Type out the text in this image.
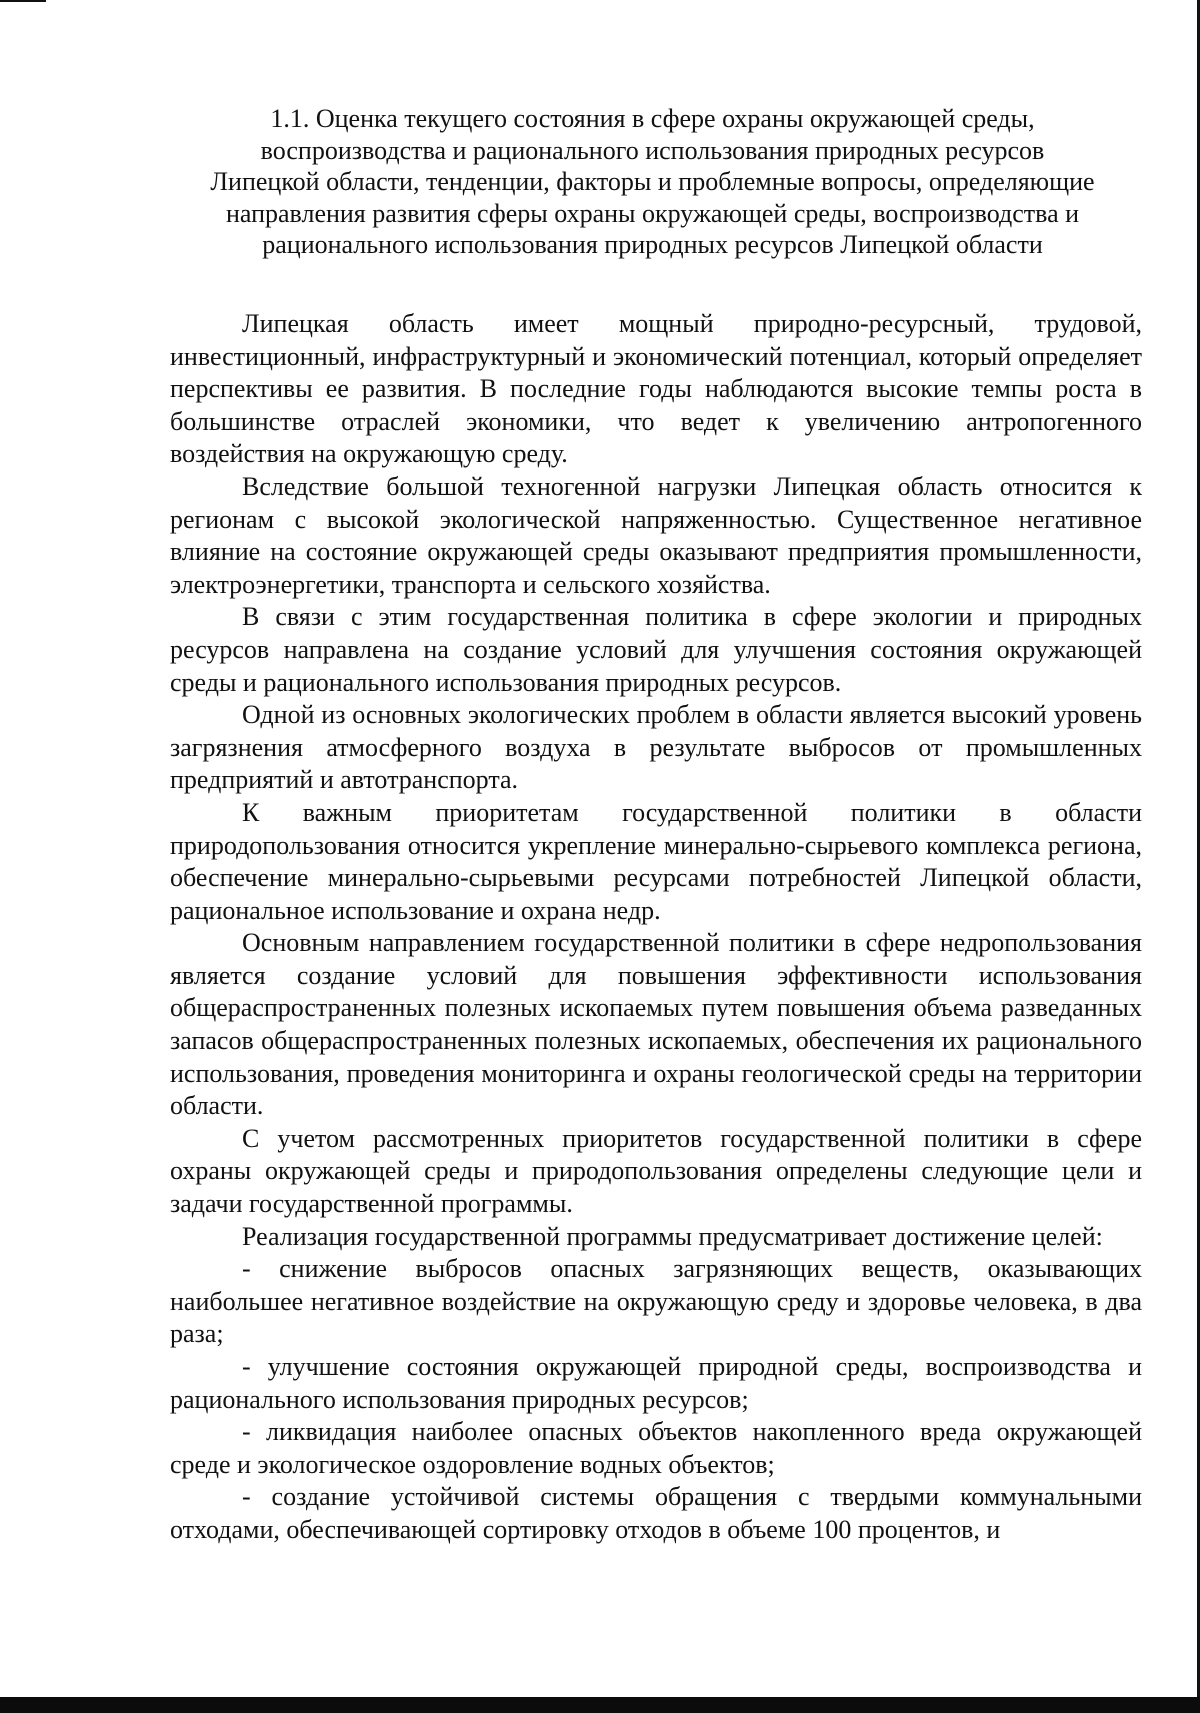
1.1. Оценка текущего состояния в сфере охраны окружающей среды,
воспроизводства и рационального использования природных ресурсов
Липецкой области, тенденции, факторы и проблемные вопросы, определяющие
направления развития сферы охраны окружающей среды, воспроизводства и
рационального использования природных ресурсов Липецкой области

Липецкая область имеет мощный природно-ресурсный, трудовой, инвестиционный, инфраструктурный и экономический потенциал, который определяет перспективы ее развития. В последние годы наблюдаются высокие темпы роста в большинстве отраслей экономики, что ведет к увеличению антропогенного воздействия на окружающую среду.

Вследствие большой техногенной нагрузки Липецкая область относится к регионам с высокой экологической напряженностью. Существенное негативное влияние на состояние окружающей среды оказывают предприятия промышленности, электроэнергетики, транспорта и сельского хозяйства.

В связи с этим государственная политика в сфере экологии и природных ресурсов направлена на создание условий для улучшения состояния окружающей среды и рационального использования природных ресурсов.

Одной из основных экологических проблем в области является высокий уровень загрязнения атмосферного воздуха в результате выбросов от промышленных предприятий и автотранспорта.

К важным приоритетам государственной политики в области природопользования относится укрепление минерально-сырьевого комплекса региона, обеспечение минерально-сырьевыми ресурсами потребностей Липецкой области, рациональное использование и охрана недр.

Основным направлением государственной политики в сфере недропользования является создание условий для повышения эффективности использования общераспространенных полезных ископаемых путем повышения объема разведанных запасов общераспространенных полезных ископаемых, обеспечения их рационального использования, проведения мониторинга и охраны геологической среды на территории области.

С учетом рассмотренных приоритетов государственной политики в сфере охраны окружающей среды и природопользования определены следующие цели и задачи государственной программы.

Реализация государственной программы предусматривает достижение целей:

- снижение выбросов опасных загрязняющих веществ, оказывающих наибольшее негативное воздействие на окружающую среду и здоровье человека, в два раза;

- улучшение состояния окружающей природной среды, воспроизводства и рационального использования природных ресурсов;

- ликвидация наиболее опасных объектов накопленного вреда окружающей среде и экологическое оздоровление водных объектов;

- создание устойчивой системы обращения с твердыми коммунальными отходами, обеспечивающей сортировку отходов в объеме 100 процентов, и
